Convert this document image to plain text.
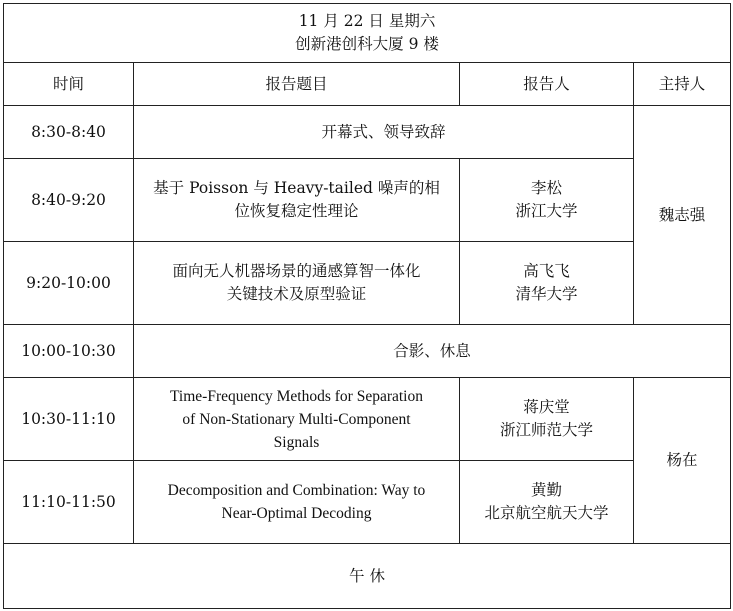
11 月 22 日 星期六
创新港创科大厦 9 楼			

时间	报告题目	报告人	主持人
8:30-8:40	开幕式、领导致辞		魏志强
8:40-9:20	基于 Poisson 与 Heavy-tailed 噪声的相
位恢复稳定性理论	李松
浙江大学	

9:20-10:00	面向无人机器场景的通感算智一体化
关键技术及原型验证	高飞飞
清华大学	

10:00-10:30	合影、休息		
10:30-11:10	Time-Frequency Methods for Separation
of Non-Stationary Multi-Component
Signals	蒋庆堂
浙江师范大学	杨在
11:10-11:50	Decomposition and Combination: Way to
Near-Optimal Decoding	黄勤
北京航空航天大学	

午 休			
